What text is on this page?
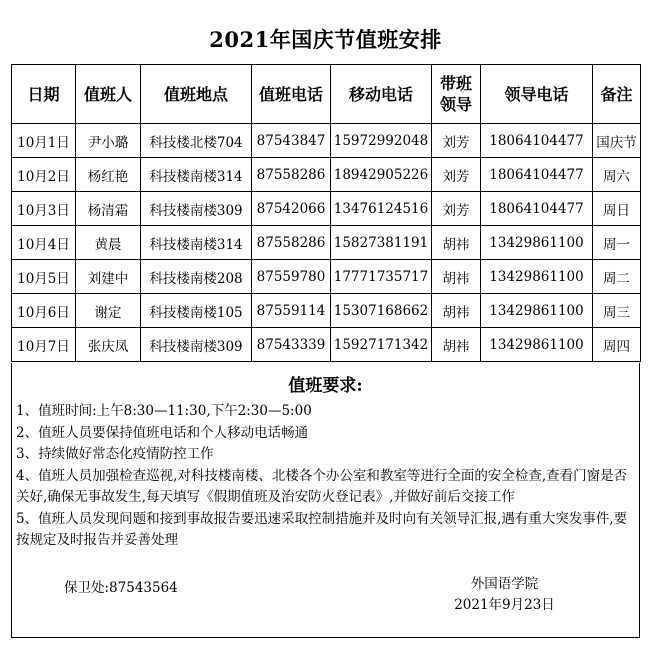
2021年国庆节值班安排
日期	值班人	值班地点	值班电话	移动电话	带班领导	领导电话	备注
10月1日	尹小璐	科技楼北楼704	87543847	15972992048	刘芳	18064104477	国庆节
10月2日	杨红艳	科技楼南楼314	87558286	18942905226	刘芳	18064104477	周六
10月3日	杨清霜	科技楼南楼309	87542066	13476124516	刘芳	18064104477	周日
10月4日	黄晨	科技楼南楼314	87558286	15827381191	胡祎	13429861100	周一
10月5日	刘建中	科技楼南楼208	87559780	17771735717	胡祎	13429861100	周二
10月6日	谢定	科技楼南楼105	87559114	15307168662	胡祎	13429861100	周三
10月7日	张庆凤	科技楼南楼309	87543339	15927171342	胡祎	13429861100	周四
值班要求:
1、值班时间:上午8:30—11:30,下午2:30—5:00
2、值班人员要保持值班电话和个人移动电话畅通
3、持续做好常态化疫情防控工作
4、值班人员加强检查巡视,对科技楼南楼、北楼各个办公室和教室等进行全面的安全检查,查看门窗是否关好,确保无事故发生,每天填写《假期值班及治安防火登记表》,并做好前后交接工作
5、值班人员发现问题和接到事故报告要迅速采取控制措施并及时向有关领导汇报,遇有重大突发事件,要按规定及时报告并妥善处理
保卫处:87543564	外国语学院
2021年9月23日
